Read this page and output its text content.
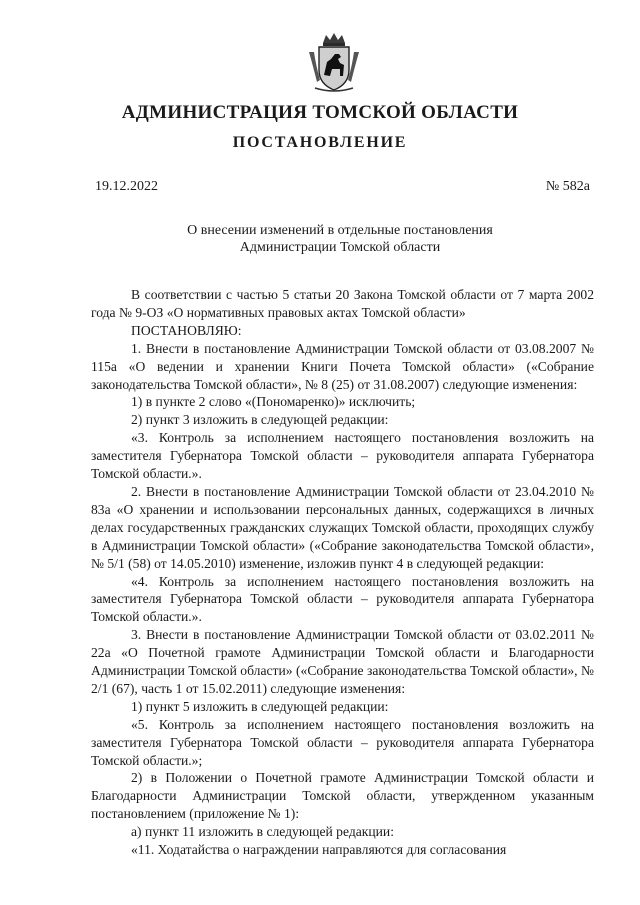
АДМИНИСТРАЦИЯ ТОМСКОЙ ОБЛАСТИ
ПОСТАНОВЛЕНИЕ
19.12.2022	№ 582а
О внесении изменений в отдельные постановления
Администрации Томской области

В соответствии с частью 5 статьи 20 Закона Томской области от 7 марта 2002 года № 9-ОЗ «О нормативных правовых актах Томской области»

ПОСТАНОВЛЯЮ:

1. Внести в постановление Администрации Томской области от 03.08.2007 № 115а «О ведении и хранении Книги Почета Томской области» («Собрание законодательства Томской области», № 8 (25) от 31.08.2007) следующие изменения:

1) в пункте 2 слово «(Пономаренко)» исключить;

2) пункт 3 изложить в следующей редакции:

«3. Контроль за исполнением настоящего постановления возложить на заместителя Губернатора Томской области – руководителя аппарата Губернатора Томской области.».

2. Внести в постановление Администрации Томской области от 23.04.2010 № 83а «О хранении и использовании персональных данных, содержащихся в личных делах государственных гражданских служащих Томской области, проходящих службу в Администрации Томской области» («Собрание законодательства Томской области», № 5/1 (58) от 14.05.2010) изменение, изложив пункт 4 в следующей редакции:

«4. Контроль за исполнением настоящего постановления возложить на заместителя Губернатора Томской области – руководителя аппарата Губернатора Томской области.».

3. Внести в постановление Администрации Томской области от 03.02.2011 № 22а «О Почетной грамоте Администрации Томской области и Благодарности Администрации Томской области» («Собрание законодательства Томской области», № 2/1 (67), часть 1 от 15.02.2011) следующие изменения:

1) пункт 5 изложить в следующей редакции:

«5. Контроль за исполнением настоящего постановления возложить на заместителя Губернатора Томской области – руководителя аппарата Губернатора Томской области.»;

2) в Положении о Почетной грамоте Администрации Томской области и Благодарности Администрации Томской области, утвержденном указанным постановлением (приложение № 1):

а) пункт 11 изложить в следующей редакции:

«11. Ходатайства о награждении направляются для согласования
